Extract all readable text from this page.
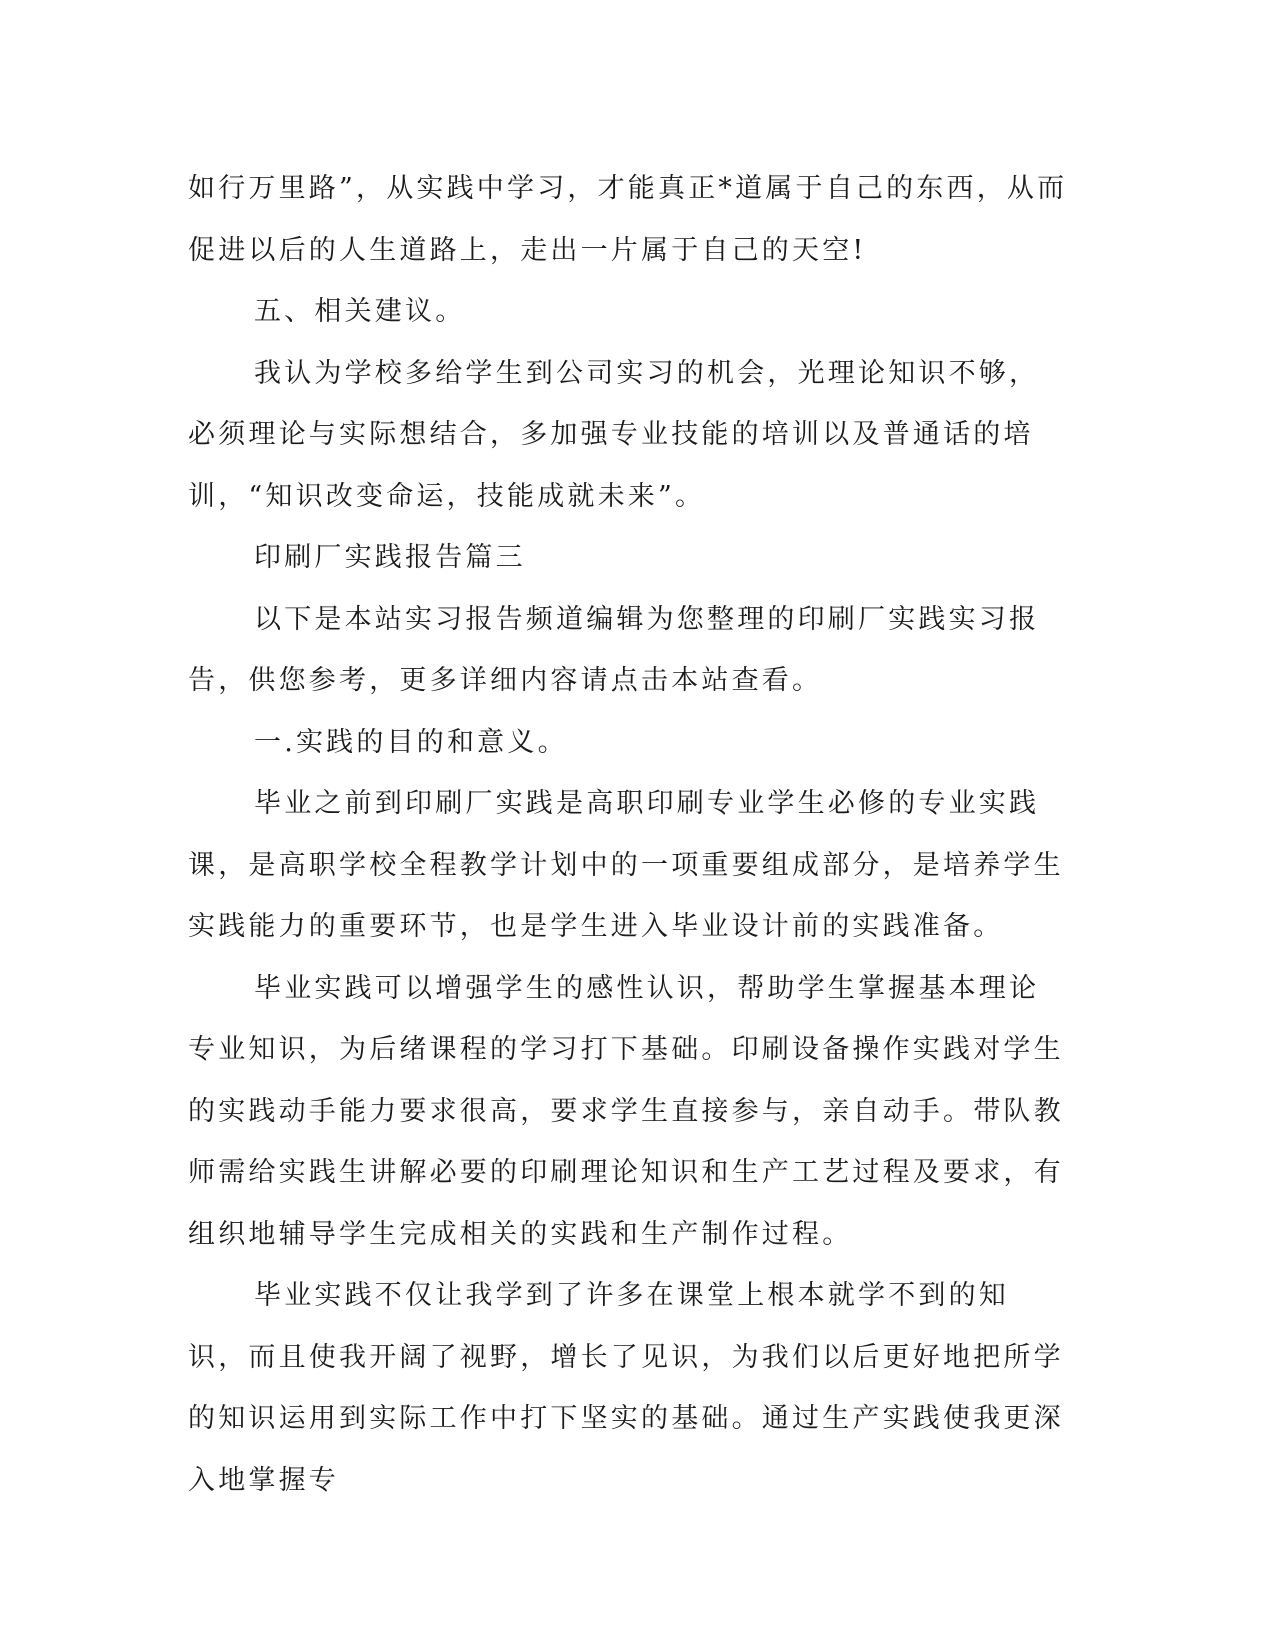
如行万里路”，从实践中学习，才能真正*道属于自己的东西，从而促进以后的人生道路上，走出一片属于自己的天空!

五、相关建议。

我认为学校多给学生到公司实习的机会，光理论知识不够，必须理论与实际想结合，多加强专业技能的培训以及普通话的培训，“知识改变命运，技能成就未来”。

印刷厂实践报告篇三

以下是本站实习报告频道编辑为您整理的印刷厂实践实习报告，供您参考，更多详细内容请点击本站查看。

一.实践的目的和意义。

毕业之前到印刷厂实践是高职印刷专业学生必修的专业实践课，是高职学校全程教学计划中的一项重要组成部分，是培养学生实践能力的重要环节，也是学生进入毕业设计前的实践准备。

毕业实践可以增强学生的感性认识，帮助学生掌握基本理论专业知识，为后绪课程的学习打下基础。印刷设备操作实践对学生的实践动手能力要求很高，要求学生直接参与，亲自动手。带队教师需给实践生讲解必要的印刷理论知识和生产工艺过程及要求，有组织地辅导学生完成相关的实践和生产制作过程。

毕业实践不仅让我学到了许多在课堂上根本就学不到的知识，而且使我开阔了视野，增长了见识，为我们以后更好地把所学的知识运用到实际工作中打下坚实的基础。通过生产实践使我更深入地掌握专
